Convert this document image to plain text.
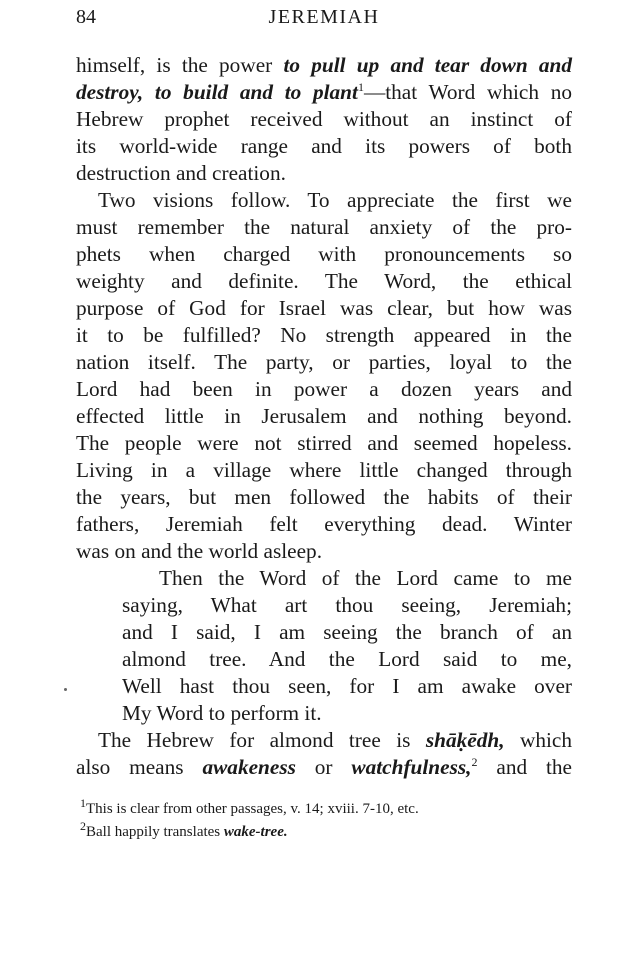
84	JEREMIAH
himself, is the power to pull up and tear down and
destroy, to build and to plant$^1$—that Word which no
Hebrew prophet received without an instinct of
its world-wide range and its powers of both
destruction and creation.
Two visions follow. To appreciate the first we
must remember the natural anxiety of the pro-
phets when charged with pronouncements so
weighty and definite. The Word, the ethical
purpose of God for Israel was clear, but how was
it to be fulfilled? No strength appeared in the
nation itself. The party, or parties, loyal to the
Lord had been in power a dozen years and
effected little in Jerusalem and nothing beyond.
The people were not stirred and seemed hopeless.
Living in a village where little changed through
the years, but men followed the habits of their
fathers, Jeremiah felt everything dead. Winter
was on and the world asleep.
Then the Word of the Lord came to me
saying, What art thou seeing, Jeremiah;
and I said, I am seeing the branch of an
almond tree. And the Lord said to me,
Well hast thou seen, for I am awake over
My Word to perform it.
The Hebrew for almond tree is shāḳēdh, which
also means awakeness or watchfulness,$^2$ and the
$^1$This is clear from other passages, v. 14; xviii. 7-10, etc.
$^2$Ball happily translates wake-tree.
